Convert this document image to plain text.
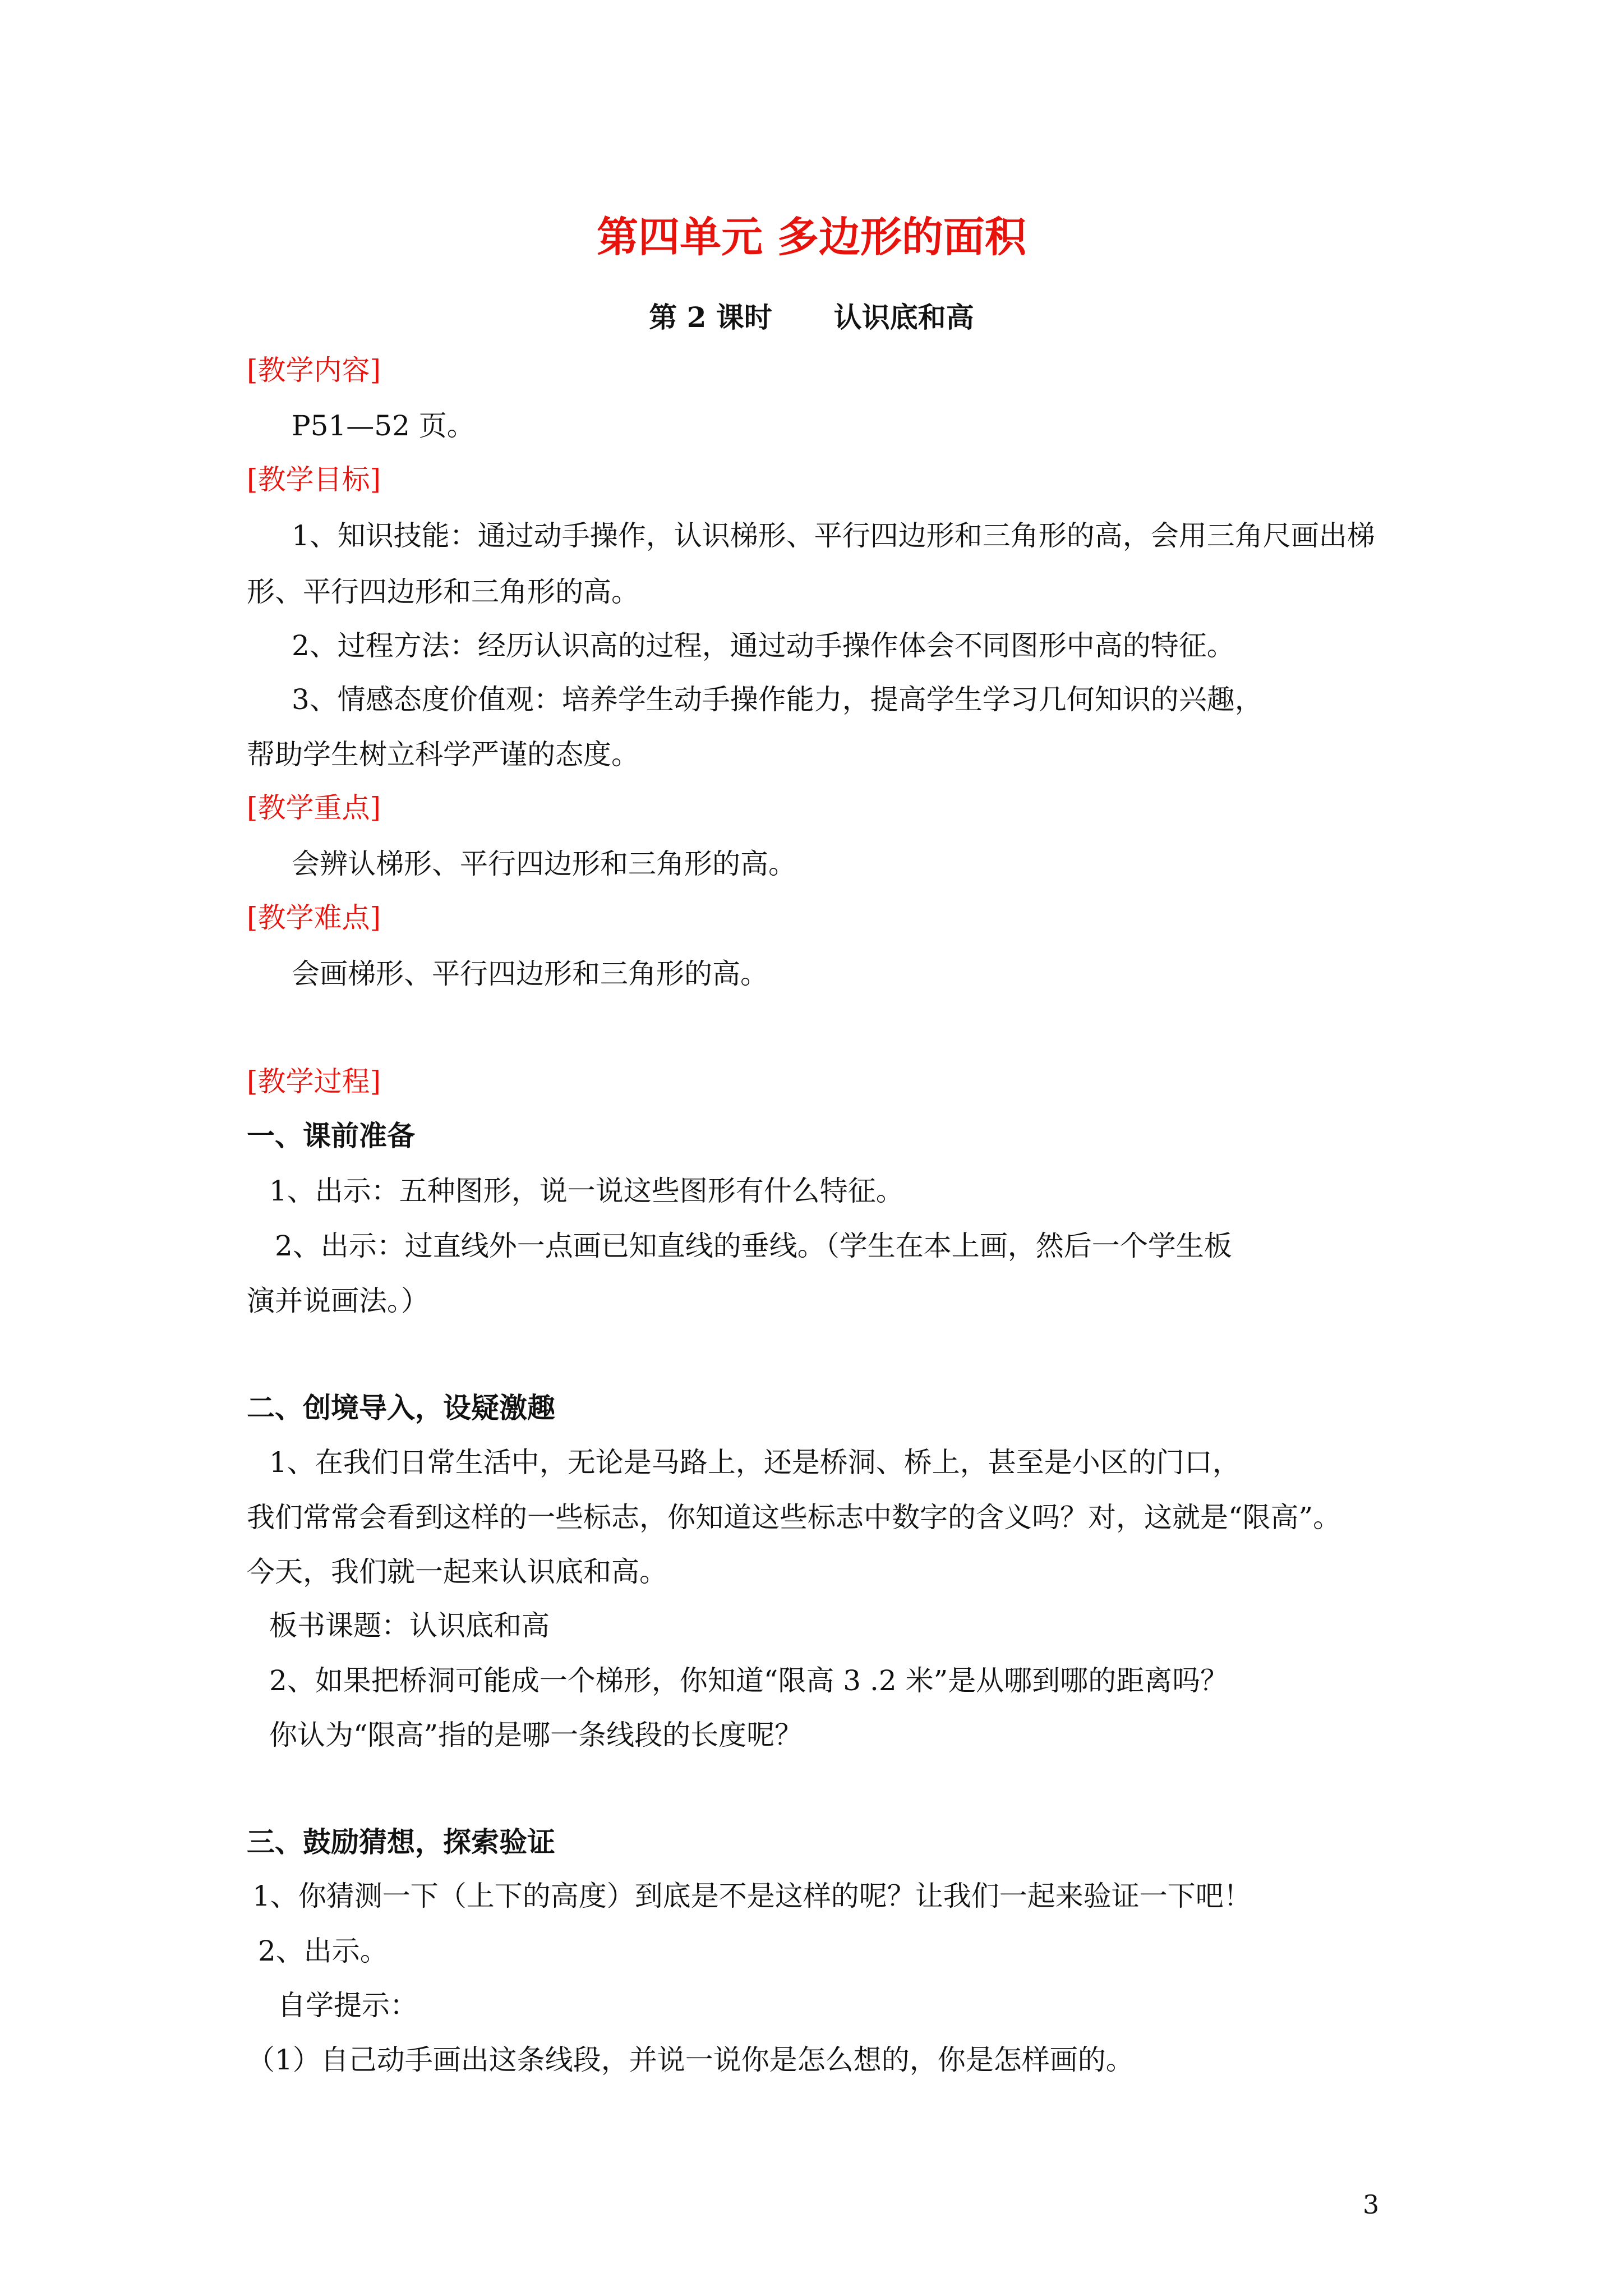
第四单元 多边形的面积
第 2 课时 认识底和高

[教学内容]

P51—52 页。

[教学目标]

1、知识技能：通过动手操作，认识梯形、平行四边形和三角形的高，会用三角尺画出梯

形、平行四边形和三角形的高。

2、过程方法：经历认识高的过程，通过动手操作体会不同图形中高的特征。

3、情感态度价值观：培养学生动手操作能力，提高学生学习几何知识的兴趣，

帮助学生树立科学严谨的态度。

[教学重点]

会辨认梯形、平行四边形和三角形的高。

[教学难点]

会画梯形、平行四边形和三角形的高。

[教学过程]

一、课前准备

1、出示：五种图形，说一说这些图形有什么特征。

2、出示：过直线外一点画已知直线的垂线。（学生在本上画，然后一个学生板

演并说画法。）

二、创境导入，设疑激趣

1、在我们日常生活中，无论是马路上，还是桥洞、桥上，甚至是小区的门口，

我们常常会看到这样的一些标志，你知道这些标志中数字的含义吗？对，这就是“限高”。

今天，我们就一起来认识底和高。

板书课题：认识底和高

2、如果把桥洞可能成一个梯形，你知道“限高 3 .2 米”是从哪到哪的距离吗？

你认为“限高”指的是哪一条线段的长度呢？

三、鼓励猜想，探索验证

1、你猜测一下（上下的高度）到底是不是这样的呢？让我们一起来验证一下吧！

2、出示。

自学提示：

（1）自己动手画出这条线段，并说一说你是怎么想的，你是怎样画的。

3
